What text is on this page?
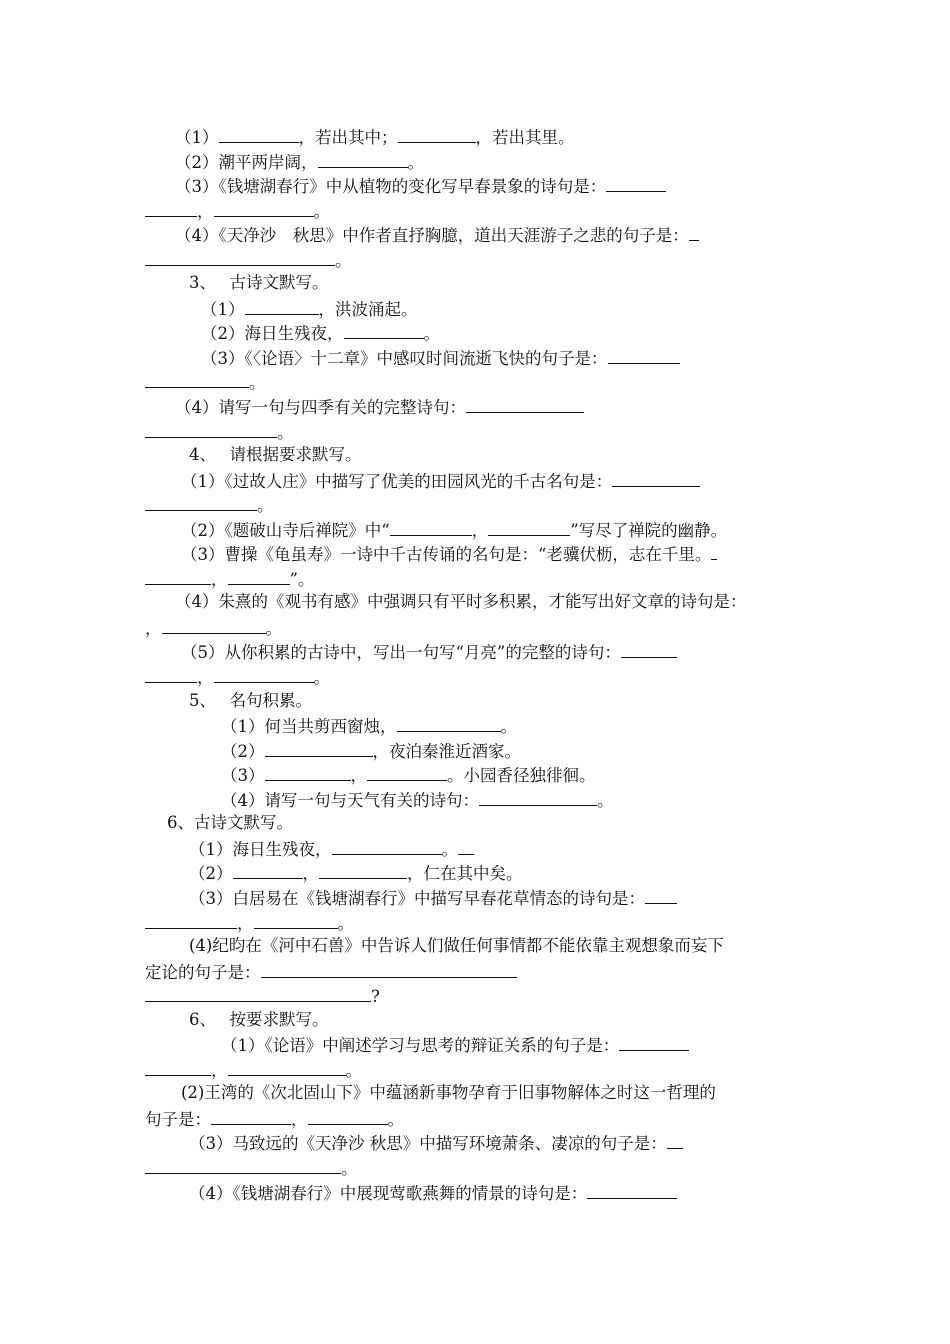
（1）	，若出其中；	，若出其里。
（2）潮平两岸阔，	。
（3）《钱塘湖春行》中从植物的变化写早春景象的诗句是：
，	。
（4）《天净沙　秋思》中作者直抒胸臆，道出天涯游子之悲的句子是：
。
3、　 古诗文默写。
（1）	，洪波涌起。
（2）海日生残夜，	。
（3）《〈论语〉十二章》中感叹时间流逝飞快的句子是：
。
（4）请写一句与四季有关的完整诗句：
。
4、　 请根据要求默写。
（1）《过故人庄》中描写了优美的田园风光的千古名句是：
。
（2）《题破山寺后禅院》中“	，	”写尽了禅院的幽静。
（3）曹操《龟虽寿》一诗中千古传诵的名句是：“老骥伏枥，志在千里。
，	”。
（4）朱熹的《观书有感》中强调只有平时多积累，才能写出好文章的诗句是：
，	。
（5）从你积累的古诗中，写出一句写“月亮”的完整的诗句：
，	。
5、　 名句积累。
（1）何当共剪西窗烛，	。
（2）	，夜泊秦淮近酒家。
（3）	，	。小园香径独徘徊。
（4）请写一句与天气有关的诗句：	。
6、古诗文默写。
（1）海日生残夜，	。
（2）	，	，仁在其中矣。
（3）白居易在《钱塘湖春行》中描写早春花草情态的诗句是：
，	。
(4)纪昀在《河中石兽》中告诉人们做任何事情都不能依靠主观想象而妄下
定论的句子是：
?
6、　 按要求默写。
（1）《论语》中阐述学习与思考的辩证关系的句子是：
，	。
(2)王湾的《次北固山下》中蕴涵新事物孕育于旧事物解体之时这一哲理的
句子是：	，	。
（3）马致远的《天净沙 秋思》中描写环境萧条、凄凉的句子是：
。
（4）《钱塘湖春行》中展现莺歌燕舞的情景的诗句是：
